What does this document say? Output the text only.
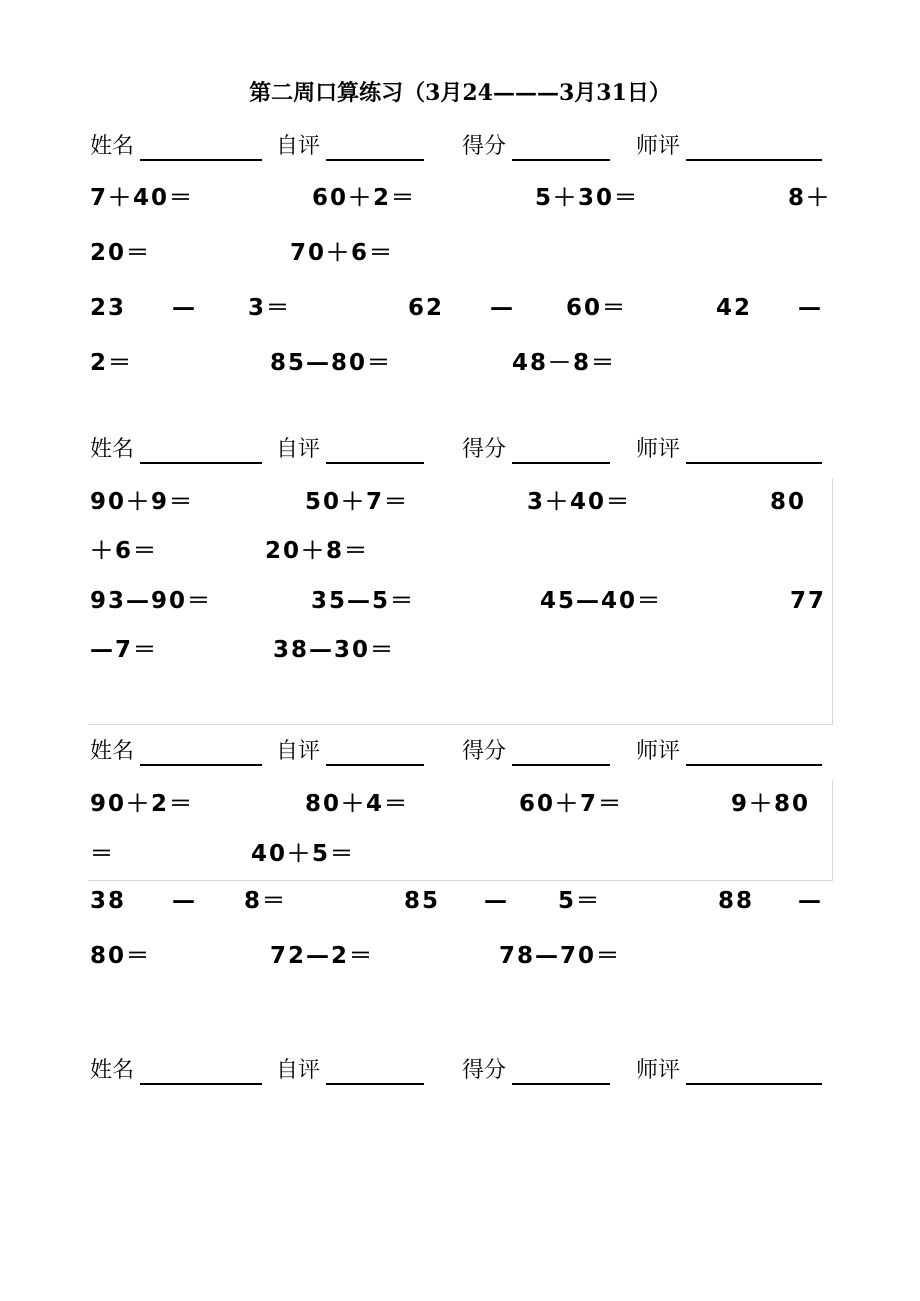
第二周口算练习（3月24———3月31日）
姓名	自评	得分	师评
7＋40＝	60＋2＝	5＋30＝	8＋
20＝	70＋6＝
23 — 3＝	62 — 60＝	42 —
2＝	85—80＝	48－8＝
姓名	自评	得分	师评
90＋9＝	50＋7＝	3＋40＝	80
＋6＝	20＋8＝
93—90＝	35—5＝	45—40＝	77
—7＝	38—30＝
姓名	自评	得分	师评
90＋2＝	80＋4＝	60＋7＝	9＋80
＝	40＋5＝
38 — 8＝	85 — 5＝	88 —
80＝	72—2＝	78—70＝
姓名	自评	得分	师评
